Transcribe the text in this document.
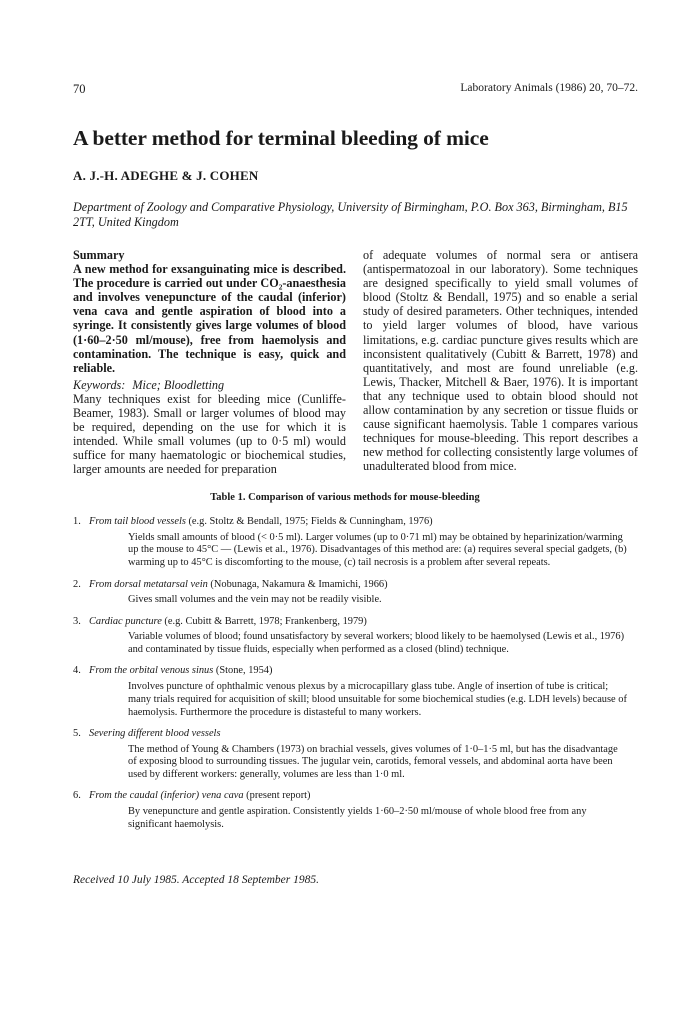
70	Laboratory Animals (1986) 20, 70–72.
A better method for terminal bleeding of mice
A. J.-H. ADEGHE & J. COHEN
Department of Zoology and Comparative Physiology, University of Birmingham, P.O. Box 363, Birmingham, B15 2TT, United Kingdom
Summary

A new method for exsanguinating mice is described. The procedure is carried out under CO₂-anaesthesia and involves venepuncture of the caudal (inferior) vena cava and gentle aspiration of blood into a syringe. It consistently gives large volumes of blood (1·60–2·50 ml/mouse), free from haemolysis and contamination. The technique is easy, quick and reliable.

Keywords: Mice; Bloodletting

Many techniques exist for bleeding mice (Cunliffe-Beamer, 1983). Small or larger volumes of blood may be required, depending on the use for which it is intended. While small volumes (up to 0·5 ml) would suffice for many haematologic or biochemical studies, larger amounts are needed for preparation

of adequate volumes of normal sera or antisera (antispermatozoal in our laboratory). Some techniques are designed specifically to yield small volumes of blood (Stoltz & Bendall, 1975) and so enable a serial study of desired parameters. Other techniques, intended to yield larger volumes of blood, have various limitations, e.g. cardiac puncture gives results which are inconsistent qualitatively (Cubitt & Barrett, 1978) and quantitatively, and most are found unreliable (e.g. Lewis, Thacker, Mitchell & Baer, 1976). It is important that any technique used to obtain blood should not allow contamination by any secretion or tissue fluids or cause significant haemolysis. Table 1 compares various techniques for mouse-bleeding. This report describes a new method for collecting consistently large volumes of unadulterated blood from mice.

Table 1. Comparison of various methods for mouse-bleeding
1. From tail blood vessels (e.g. Stoltz & Bendall, 1975; Fields & Cunningham, 1976)
Yields small amounts of blood (< 0·5 ml). Larger volumes (up to 0·71 ml) may be obtained by heparinization/warming up the mouse to 45°C — (Lewis et al., 1976). Disadvantages of this method are: (a) requires several special gadgets, (b) warming up to 45°C is discomforting to the mouse, (c) tail necrosis is a problem after several repeats.
2. From dorsal metatarsal vein (Nobunaga, Nakamura & Imamichi, 1966)
Gives small volumes and the vein may not be readily visible.
3. Cardiac puncture (e.g. Cubitt & Barrett, 1978; Frankenberg, 1979)
Variable volumes of blood; found unsatisfactory by several workers; blood likely to be haemolysed (Lewis et al., 1976) and contaminated by tissue fluids, especially when performed as a closed (blind) technique.
4. From the orbital venous sinus (Stone, 1954)
Involves puncture of ophthalmic venous plexus by a microcapillary glass tube. Angle of insertion of tube is critical; many trials required for acquisition of skill; blood unsuitable for some biochemical studies (e.g. LDH levels) because of haemolysis. Furthermore the procedure is distasteful to many workers.
5. Severing different blood vessels
The method of Young & Chambers (1973) on brachial vessels, gives volumes of 1·0–1·5 ml, but has the disadvantage of exposing blood to surrounding tissues. The jugular vein, carotids, femoral vessels, and abdominal aorta have been used by different workers: generally, volumes are less than 1·0 ml.
6. From the caudal (inferior) vena cava (present report)
By venepuncture and gentle aspiration. Consistently yields 1·60–2·50 ml/mouse of whole blood free from any significant haemolysis.
Received 10 July 1985. Accepted 18 September 1985.
